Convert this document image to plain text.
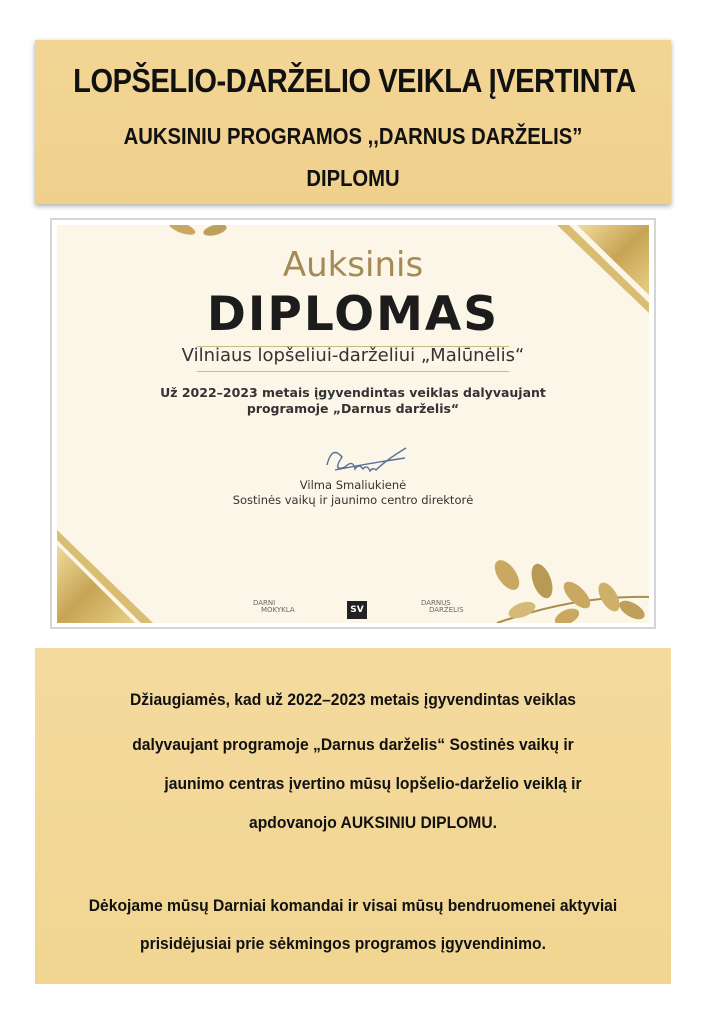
LOPŠELIO-DARŽELIO VEIKLA ĮVERTINTA
AUKSINIU PROGRAMOS ,,DARNUS DARŽELIS”
DIPLOMU
Auksinis
DIPLOMAS
Vilniaus lopšeliui-darželiui „Malūnėlis“
Už 2022–2023 metais įgyvendintas veiklas dalyvaujant
programoje „Darnus darželis“
Vilma Smaliukienė
Sostinės vaikų ir jaunimo centro direktorė
DARNI
MOKYKLA	SV
DARNUS
DARŽELIS
Džiaugiamės, kad už 2022–2023 metais įgyvendintas veiklas
dalyvaujant programoje „Darnus darželis“ Sostinės vaikų ir
jaunimo centras įvertino mūsų lopšelio-darželio veiklą ir
apdovanojo AUKSINIU DIPLOMU.
Dėkojame mūsų Darniai komandai ir visai mūsų bendruomenei aktyviai
prisidėjusiai prie sėkmingos programos įgyvendinimo.
